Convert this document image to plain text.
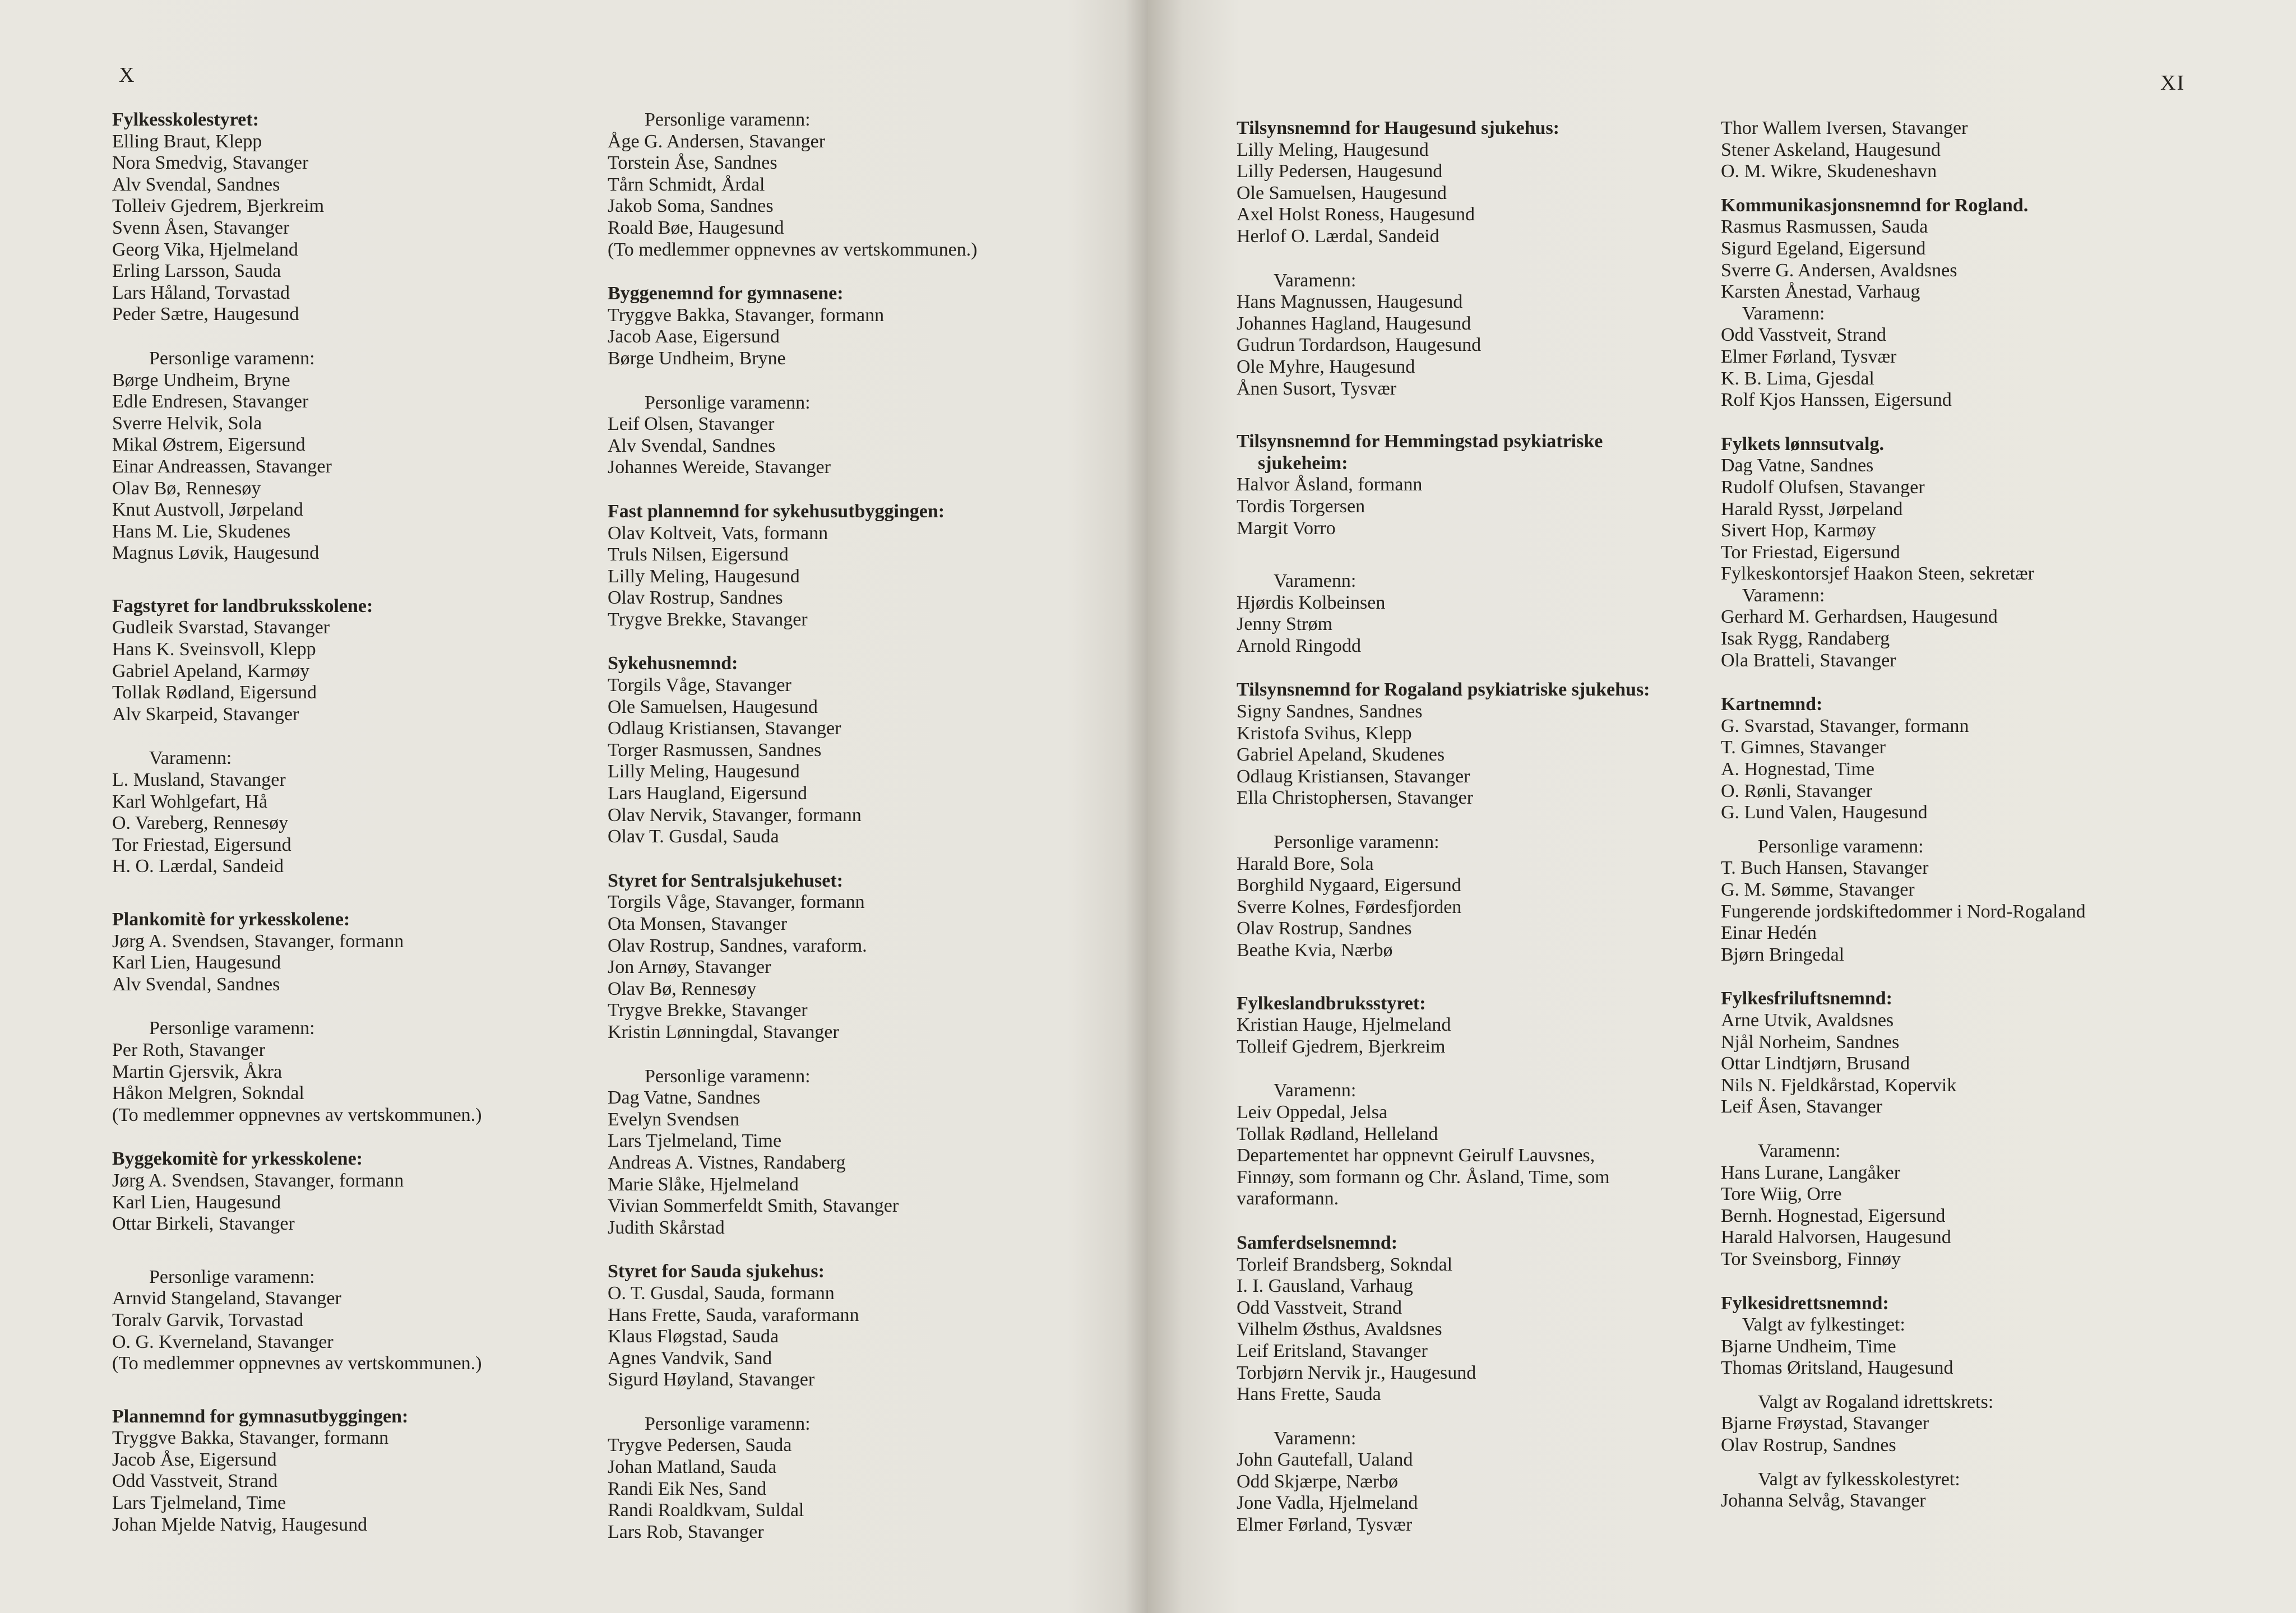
X
Fylkesskolestyret:
Elling Braut, Klepp
Nora Smedvig, Stavanger
Alv Svendal, Sandnes
Tolleiv Gjedrem, Bjerkreim
Svenn Åsen, Stavanger
Georg Vika, Hjelmeland
Erling Larsson, Sauda
Lars Håland, Torvastad
Peder Sætre, Haugesund
Personlige varamenn:
Børge Undheim, Bryne
Edle Endresen, Stavanger
Sverre Helvik, Sola
Mikal Østrem, Eigersund
Einar Andreassen, Stavanger
Olav Bø, Rennesøy
Knut Austvoll, Jørpeland
Hans M. Lie, Skudenes
Magnus Løvik, Haugesund
Fagstyret for landbruksskolene:
Gudleik Svarstad, Stavanger
Hans K. Sveinsvoll, Klepp
Gabriel Apeland, Karmøy
Tollak Rødland, Eigersund
Alv Skarpeid, Stavanger
Varamenn:
L. Musland, Stavanger
Karl Wohlgefart, Hå
O. Vareberg, Rennesøy
Tor Friestad, Eigersund
H. O. Lærdal, Sandeid
Plankomitè for yrkesskolene:
Jørg A. Svendsen, Stavanger, formann
Karl Lien, Haugesund
Alv Svendal, Sandnes
Personlige varamenn:
Per Roth, Stavanger
Martin Gjersvik, Åkra
Håkon Melgren, Sokndal
(To medlemmer oppnevnes av vertskommunen.)
Byggekomitè for yrkesskolene:
Jørg A. Svendsen, Stavanger, formann
Karl Lien, Haugesund
Ottar Birkeli, Stavanger
Personlige varamenn:
Arnvid Stangeland, Stavanger
Toralv Garvik, Torvastad
O. G. Kverneland, Stavanger
(To medlemmer oppnevnes av vertskommunen.)
Plannemnd for gymnasutbyggingen:
Tryggve Bakka, Stavanger, formann
Jacob Åse, Eigersund
Odd Vasstveit, Strand
Lars Tjelmeland, Time
Johan Mjelde Natvig, Haugesund
Personlige varamenn:
Åge G. Andersen, Stavanger
Torstein Åse, Sandnes
Tårn Schmidt, Årdal
Jakob Soma, Sandnes
Roald Bøe, Haugesund
(To medlemmer oppnevnes av vertskommunen.)
Byggenemnd for gymnasene:
Tryggve Bakka, Stavanger, formann
Jacob Aase, Eigersund
Børge Undheim, Bryne
Personlige varamenn:
Leif Olsen, Stavanger
Alv Svendal, Sandnes
Johannes Wereide, Stavanger
Fast plannemnd for sykehusutbyggingen:
Olav Koltveit, Vats, formann
Truls Nilsen, Eigersund
Lilly Meling, Haugesund
Olav Rostrup, Sandnes
Trygve Brekke, Stavanger
Sykehusnemnd:
Torgils Våge, Stavanger
Ole Samuelsen, Haugesund
Odlaug Kristiansen, Stavanger
Torger Rasmussen, Sandnes
Lilly Meling, Haugesund
Lars Haugland, Eigersund
Olav Nervik, Stavanger, formann
Olav T. Gusdal, Sauda
Styret for Sentralsjukehuset:
Torgils Våge, Stavanger, formann
Ota Monsen, Stavanger
Olav Rostrup, Sandnes, varaform.
Jon Arnøy, Stavanger
Olav Bø, Rennesøy
Trygve Brekke, Stavanger
Kristin Lønningdal, Stavanger
Personlige varamenn:
Dag Vatne, Sandnes
Evelyn Svendsen
Lars Tjelmeland, Time
Andreas A. Vistnes, Randaberg
Marie Slåke, Hjelmeland
Vivian Sommerfeldt Smith, Stavanger
Judith Skårstad
Styret for Sauda sjukehus:
O. T. Gusdal, Sauda, formann
Hans Frette, Sauda, varaformann
Klaus Fløgstad, Sauda
Agnes Vandvik, Sand
Sigurd Høyland, Stavanger
Personlige varamenn:
Trygve Pedersen, Sauda
Johan Matland, Sauda
Randi Eik Nes, Sand
Randi Roaldkvam, Suldal
Lars Rob, Stavanger
XI
Tilsynsnemnd for Haugesund sjukehus:
Lilly Meling, Haugesund
Lilly Pedersen, Haugesund
Ole Samuelsen, Haugesund
Axel Holst Roness, Haugesund
Herlof O. Lærdal, Sandeid
Varamenn:
Hans Magnussen, Haugesund
Johannes Hagland, Haugesund
Gudrun Tordardson, Haugesund
Ole Myhre, Haugesund
Ånen Susort, Tysvær
Tilsynsnemnd for Hemmingstad psykiatriske
sjukeheim:
Halvor Åsland, formann
Tordis Torgersen
Margit Vorro
Varamenn:
Hjørdis Kolbeinsen
Jenny Strøm
Arnold Ringodd
Tilsynsnemnd for Rogaland psykiatriske sjukehus:
Signy Sandnes, Sandnes
Kristofa Svihus, Klepp
Gabriel Apeland, Skudenes
Odlaug Kristiansen, Stavanger
Ella Christophersen, Stavanger
Personlige varamenn:
Harald Bore, Sola
Borghild Nygaard, Eigersund
Sverre Kolnes, Førdesfjorden
Olav Rostrup, Sandnes
Beathe Kvia, Nærbø
Fylkeslandbruksstyret:
Kristian Hauge, Hjelmeland
Tolleif Gjedrem, Bjerkreim
Varamenn:
Leiv Oppedal, Jelsa
Tollak Rødland, Helleland
Departementet har oppnevnt Geirulf Lauvsnes,
Finnøy, som formann og Chr. Åsland, Time, som
varaformann.
Samferdselsnemnd:
Torleif Brandsberg, Sokndal
I. I. Gausland, Varhaug
Odd Vasstveit, Strand
Vilhelm Østhus, Avaldsnes
Leif Eritsland, Stavanger
Torbjørn Nervik jr., Haugesund
Hans Frette, Sauda
Varamenn:
John Gautefall, Ualand
Odd Skjærpe, Nærbø
Jone Vadla, Hjelmeland
Elmer Førland, Tysvær
Thor Wallem Iversen, Stavanger
Stener Askeland, Haugesund
O. M. Wikre, Skudeneshavn
Kommunikasjonsnemnd for Rogland.
Rasmus Rasmussen, Sauda
Sigurd Egeland, Eigersund
Sverre G. Andersen, Avaldsnes
Karsten Ånestad, Varhaug
Varamenn:
Odd Vasstveit, Strand
Elmer Førland, Tysvær
K. B. Lima, Gjesdal
Rolf Kjos Hanssen, Eigersund
Fylkets lønnsutvalg.
Dag Vatne, Sandnes
Rudolf Olufsen, Stavanger
Harald Rysst, Jørpeland
Sivert Hop, Karmøy
Tor Friestad, Eigersund
Fylkeskontorsjef Haakon Steen, sekretær
Varamenn:
Gerhard M. Gerhardsen, Haugesund
Isak Rygg, Randaberg
Ola Bratteli, Stavanger
Kartnemnd:
G. Svarstad, Stavanger, formann
T. Gimnes, Stavanger
A. Hognestad, Time
O. Rønli, Stavanger
G. Lund Valen, Haugesund
Personlige varamenn:
T. Buch Hansen, Stavanger
G. M. Sømme, Stavanger
Fungerende jordskiftedommer i Nord-Rogaland
Einar Hedén
Bjørn Bringedal
Fylkesfriluftsnemnd:
Arne Utvik, Avaldsnes
Njål Norheim, Sandnes
Ottar Lindtjørn, Brusand
Nils N. Fjeldkårstad, Kopervik
Leif Åsen, Stavanger
Varamenn:
Hans Lurane, Langåker
Tore Wiig, Orre
Bernh. Hognestad, Eigersund
Harald Halvorsen, Haugesund
Tor Sveinsborg, Finnøy
Fylkesidrettsnemnd:
Valgt av fylkestinget:
Bjarne Undheim, Time
Thomas Øritsland, Haugesund
Valgt av Rogaland idrettskrets:
Bjarne Frøystad, Stavanger
Olav Rostrup, Sandnes
Valgt av fylkesskolestyret:
Johanna Selvåg, Stavanger
